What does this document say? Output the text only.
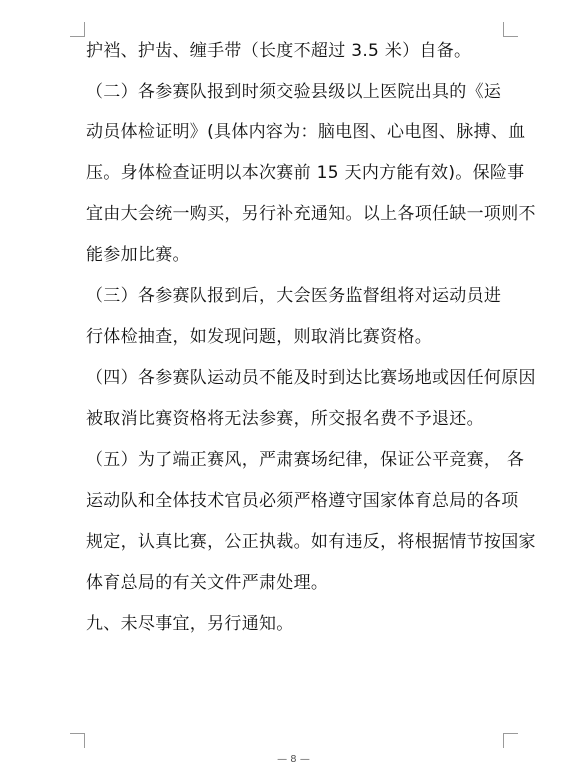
护裆、护齿、缠手带（长度不超过 3.5 米）自备。
（二）各参赛队报到时须交验县级以上医院出具的《运
动员体检证明》(具体内容为：脑电图、心电图、脉搏、血
压。身体检查证明以本次赛前 15 天内方能有效)。保险事
宜由大会统一购买，另行补充通知。以上各项任缺一项则不
能参加比赛。
（三）各参赛队报到后，大会医务监督组将对运动员进
行体检抽查，如发现问题，则取消比赛资格。
（四）各参赛队运动员不能及时到达比赛场地或因任何原因
被取消比赛资格将无法参赛，所交报名费不予退还。
（五）为了端正赛风，严肃赛场纪律，保证公平竞赛， 各
运动队和全体技术官员必须严格遵守国家体育总局的各项
规定，认真比赛，公正执裁。如有违反，将根据情节按国家
体育总局的有关文件严肃处理。
九、未尽事宜，另行通知。
— 8 —
